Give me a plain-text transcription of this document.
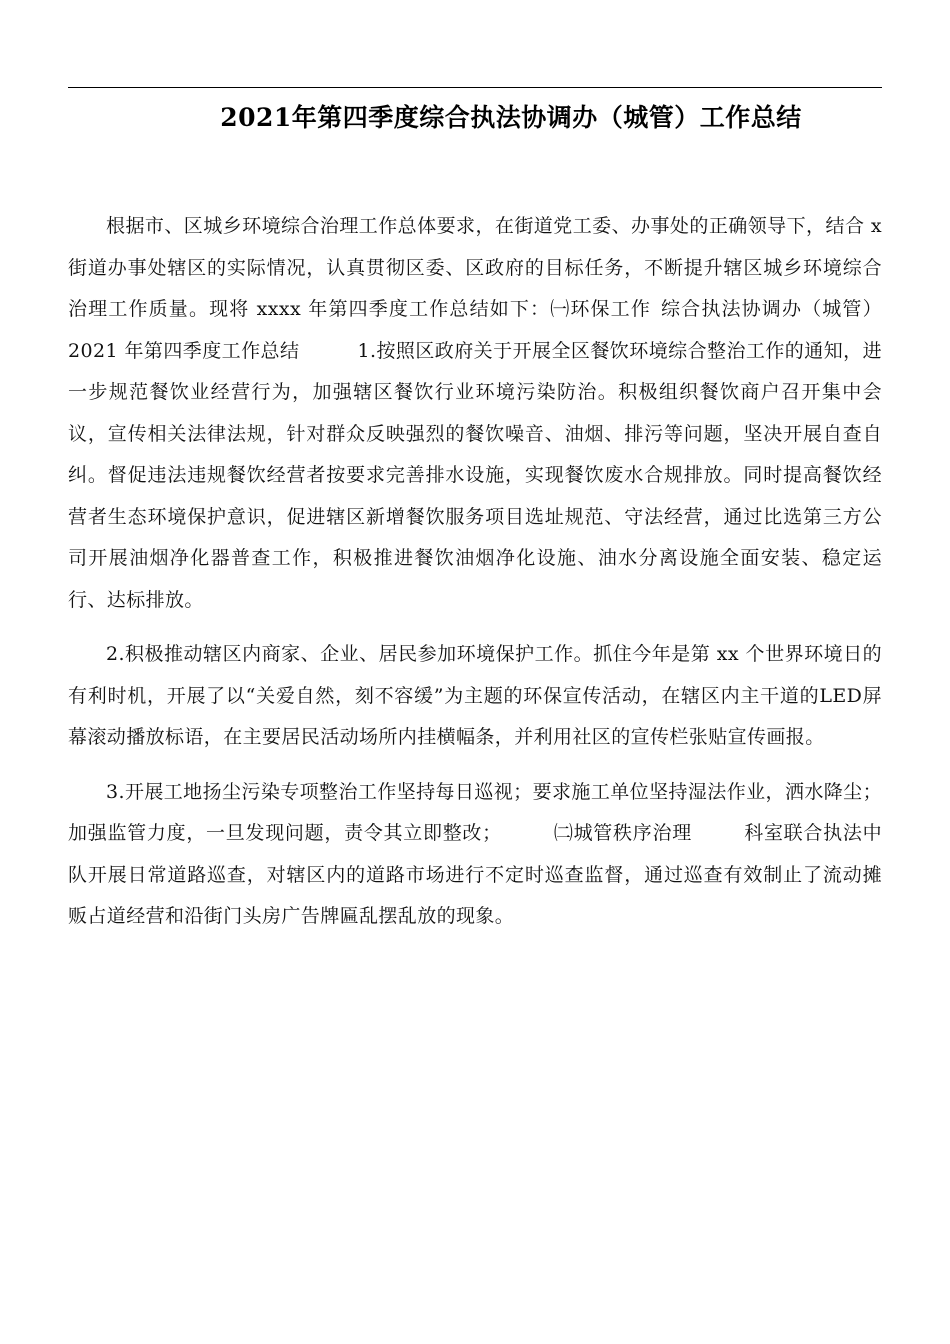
2021年第四季度综合执法协调办（城管）工作总结

根据市、区城乡环境综合治理工作总体要求，在街道党工委、办事处的正确领导下，结合 x 街道办事处辖区的实际情况，认真贯彻区委、区政府的目标任务，不断提升辖区城乡环境综合治理工作质量。现将 xxxx 年第四季度工作总结如下：㈠环保工作 综合执法协调办（城管）2021 年第四季度工作总结	1.按照区政府关于开展全区餐饮环境综合整治工作的通知，进一步规范餐饮业经营行为，加强辖区餐饮行业环境污染防治。积极组织餐饮商户召开集中会议，宣传相关法律法规，针对群众反映强烈的餐饮噪音、油烟、排污等问题，坚决开展自查自纠。督促违法违规餐饮经营者按要求完善排水设施，实现餐饮废水合规排放。同时提高餐饮经营者生态环境保护意识，促进辖区新增餐饮服务项目选址规范、守法经营，通过比选第三方公司开展油烟净化器普查工作，积极推进餐饮油烟净化设施、油水分离设施全面安装、稳定运行、达标排放。

2.积极推动辖区内商家、企业、居民参加环境保护工作。抓住今年是第 xx 个世界环境日的有利时机，开展了以“关爱自然，刻不容缓”为主题的环保宣传活动，在辖区内主干道的LED屏幕滚动播放标语，在主要居民活动场所内挂横幅条，并利用社区的宣传栏张贴宣传画报。

3.开展工地扬尘污染专项整治工作坚持每日巡视；要求施工单位坚持湿法作业，洒水降尘；加强监管力度，一旦发现问题，责令其立即整改；	㈡城管秩序治理	科室联合执法中队开展日常道路巡查，对辖区内的道路市场进行不定时巡查监督，通过巡查有效制止了流动摊贩占道经营和沿街门头房广告牌匾乱摆乱放的现象。
